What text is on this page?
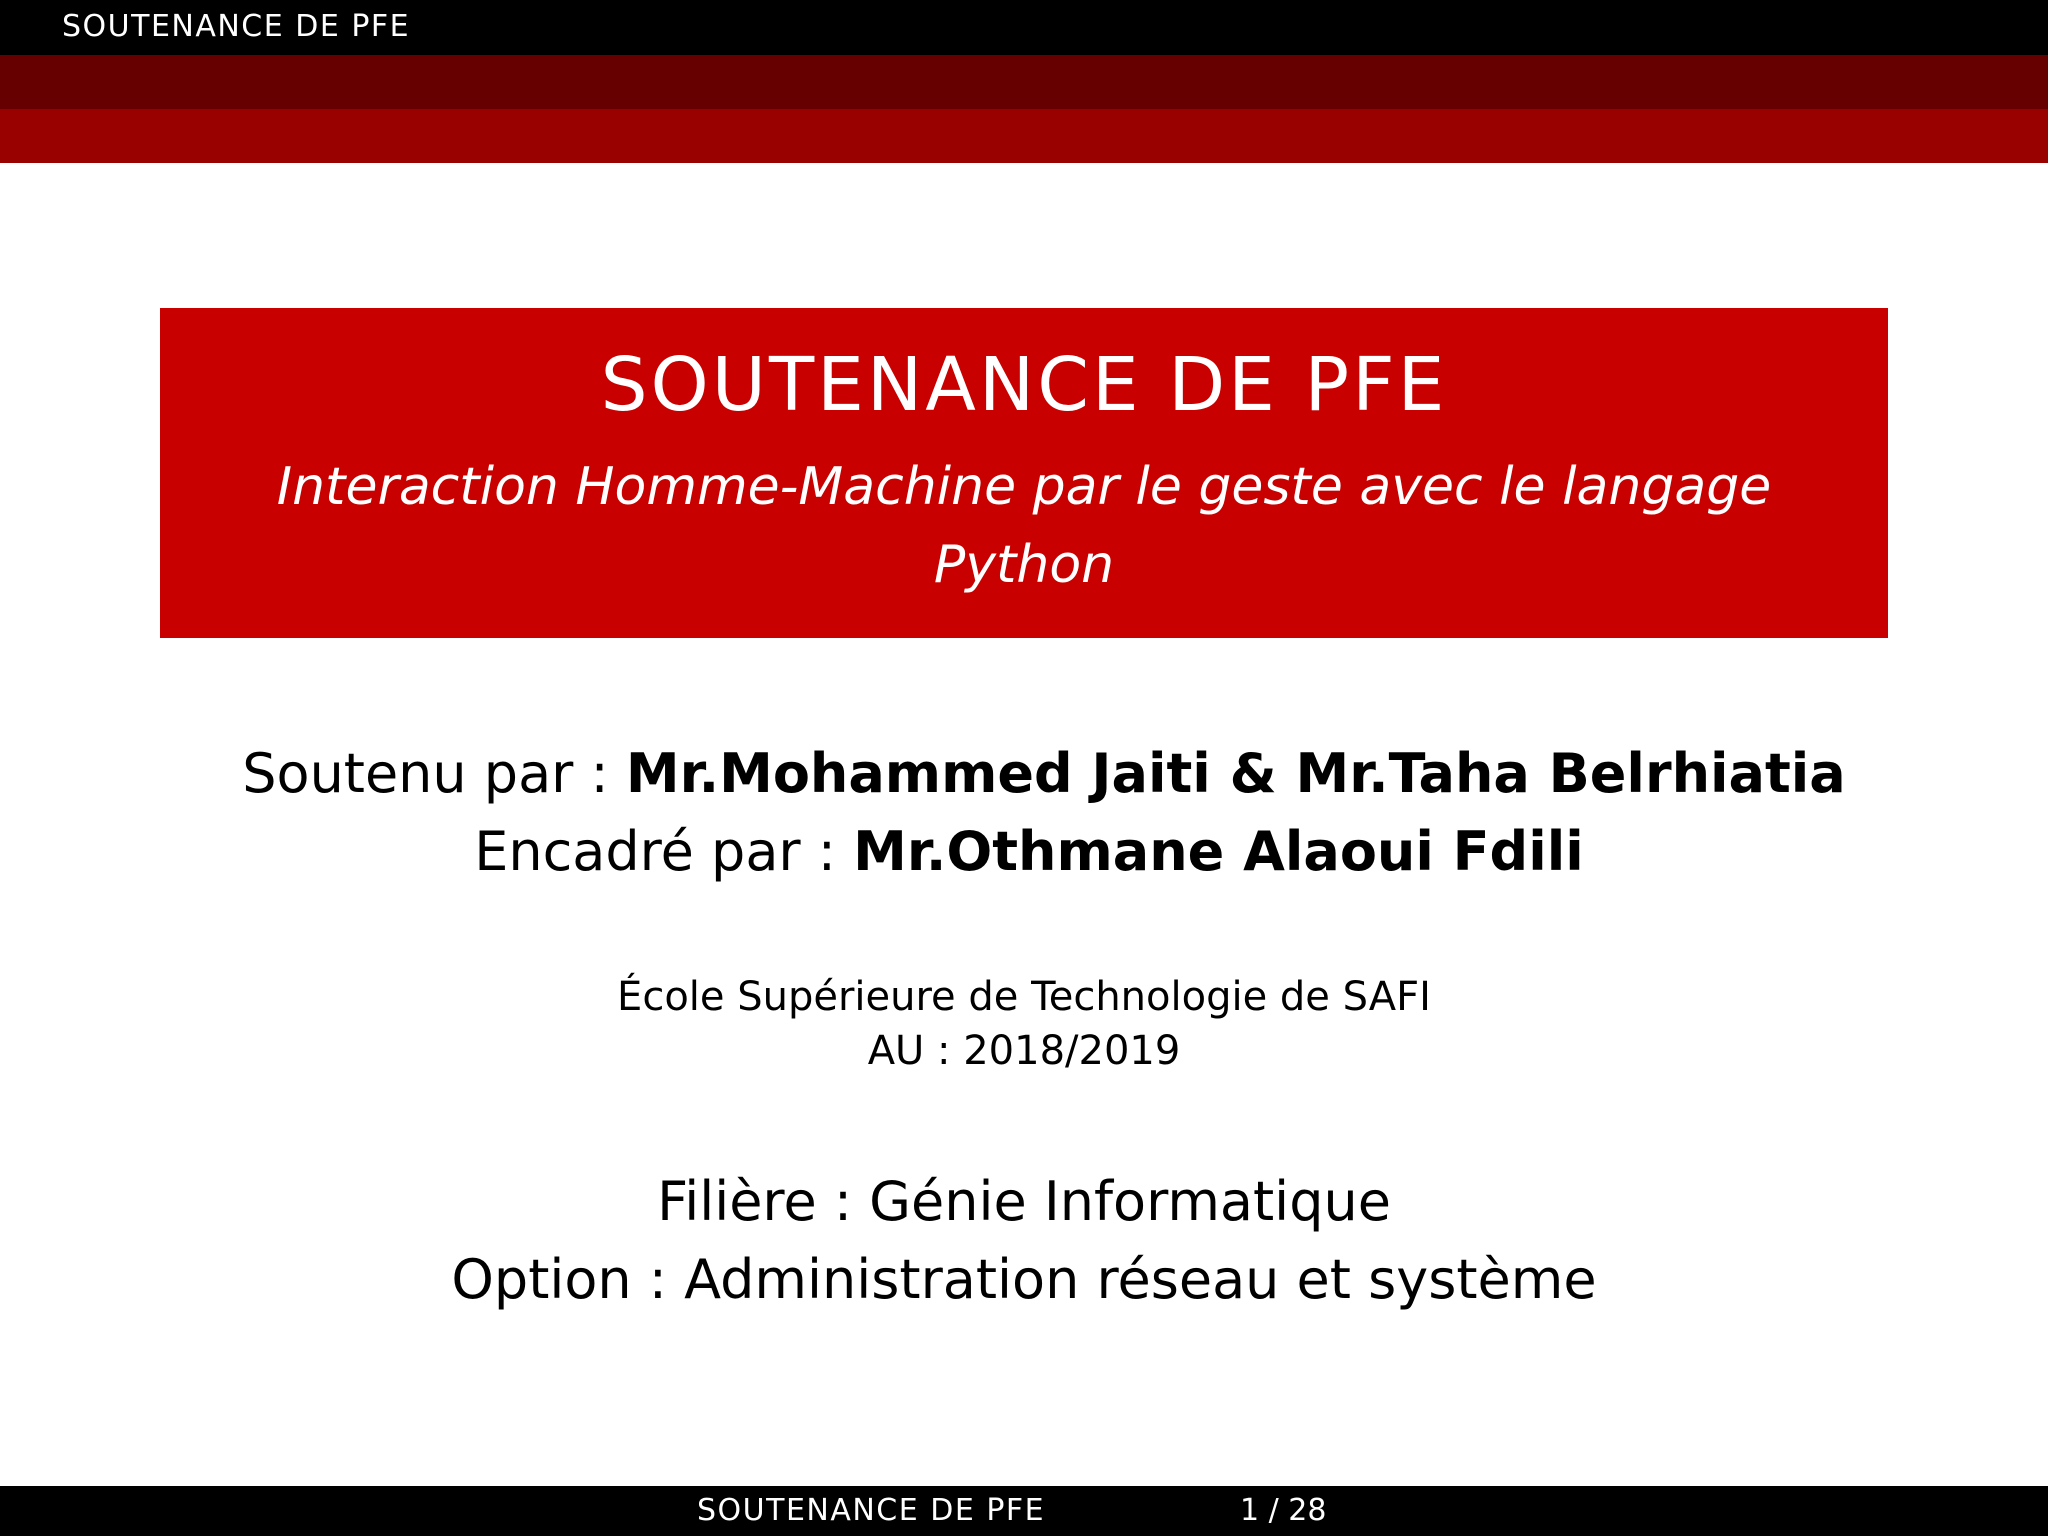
SOUTENANCE DE PFE
SOUTENANCE DE PFE
Interaction Homme-Machine par le geste avec le langage
Python
Soutenu par : Mr.Mohammed Jaiti & Mr.Taha Belrhiatia
Encadré par : Mr.Othmane Alaoui Fdili
École Supérieure de Technologie de SAFI
AU : 2018/2019
Filière : Génie Informatique
Option : Administration réseau et système
SOUTENANCE DE PFE	1 / 28
